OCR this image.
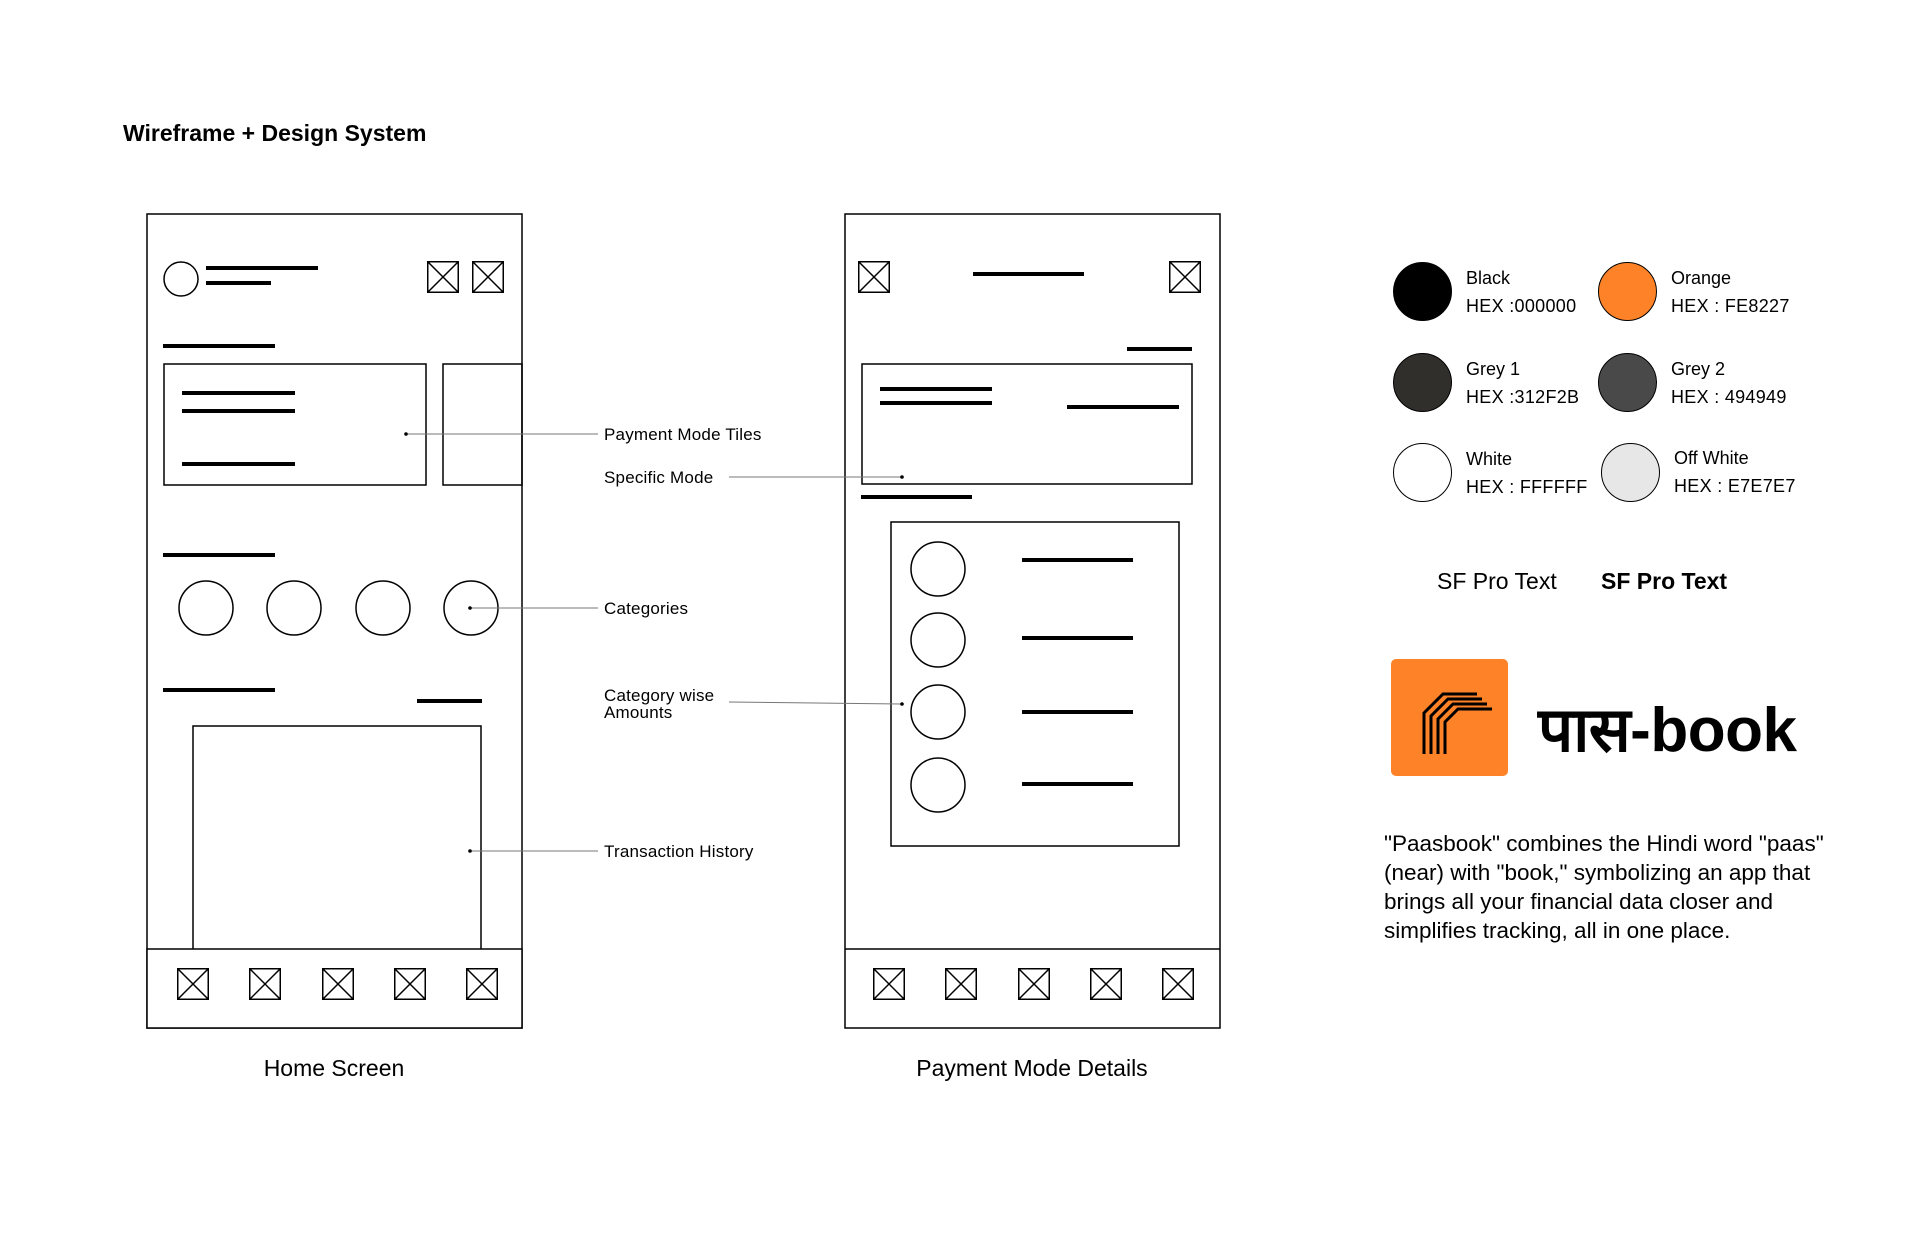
Wireframe + Design System
Payment Mode Tiles
Specific Mode
Categories
Category wise
Amounts
Transaction History
Home Screen	Payment Mode Details
Black
HEX :000000
Orange
HEX : FE8227
Grey 1
HEX :312F2B
Grey 2
HEX : 494949
White
HEX : FFFFFF
Off White
HEX : E7E7E7
SF Pro Text SF Pro Text
पास-book
"Paasbook" combines the Hindi word "paas" (near) with "book," symbolizing an app that brings all your financial data closer and simplifies tracking, all in one place.
